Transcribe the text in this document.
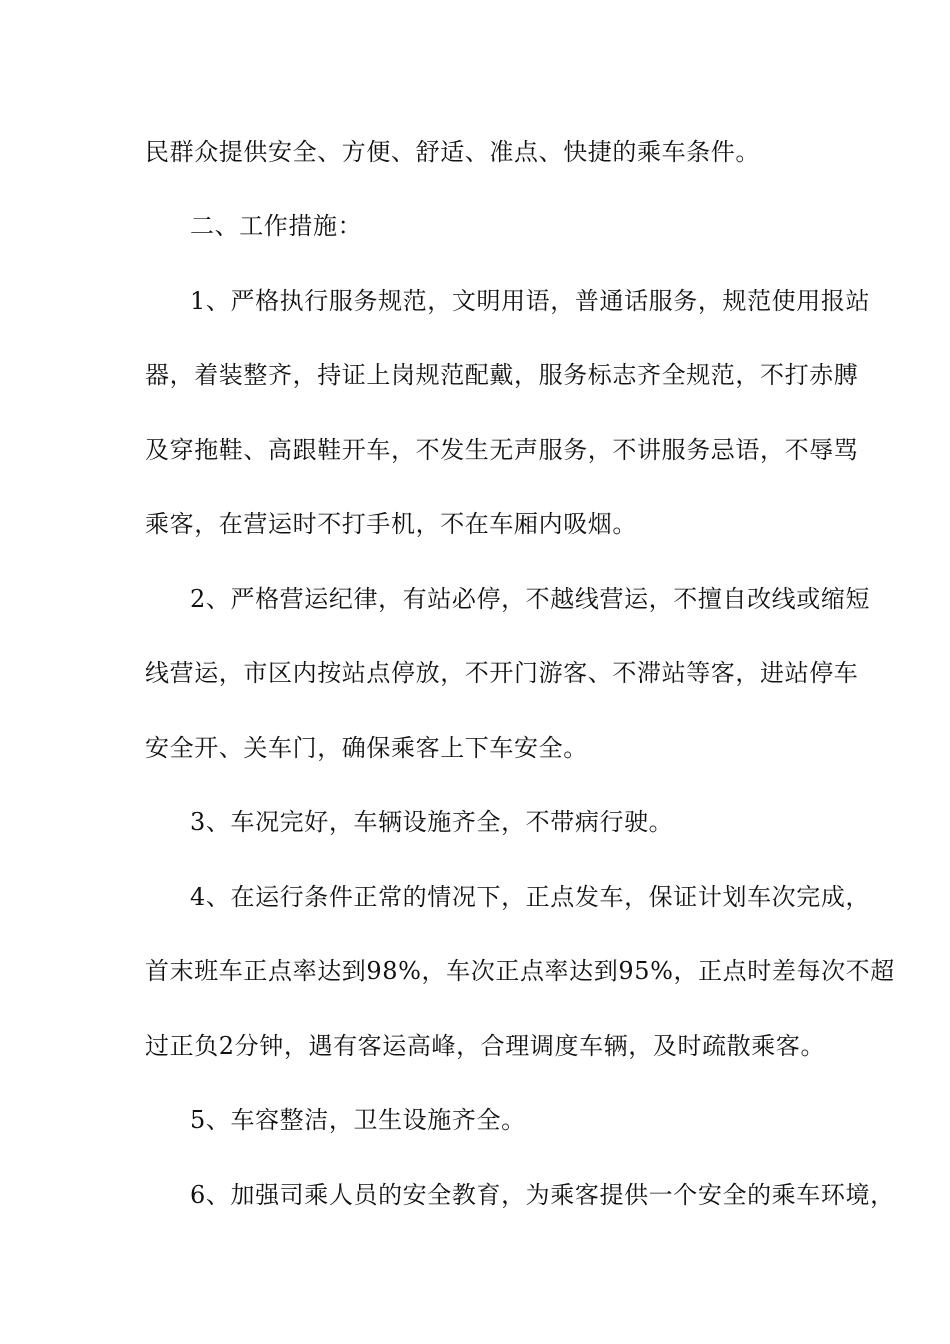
民群众提供安全、方便、舒适、准点、快捷的乘车条件。
二、工作措施：
1、严格执行服务规范，文明用语，普通话服务，规范使用报站
器，着装整齐，持证上岗规范配戴，服务标志齐全规范，不打赤膊
及穿拖鞋、高跟鞋开车，不发生无声服务，不讲服务忌语，不辱骂
乘客，在营运时不打手机，不在车厢内吸烟。
2、严格营运纪律，有站必停，不越线营运，不擅自改线或缩短
线营运，市区内按站点停放，不开门游客、不滞站等客，进站停车
安全开、关车门，确保乘客上下车安全。
3、车况完好，车辆设施齐全，不带病行驶。
4、在运行条件正常的情况下，正点发车，保证计划车次完成，
首末班车正点率达到98%，车次正点率达到95%，正点时差每次不超
过正负2分钟，遇有客运高峰，合理调度车辆，及时疏散乘客。
5、车容整洁，卫生设施齐全。
6、加强司乘人员的安全教育，为乘客提供一个安全的乘车环境，
